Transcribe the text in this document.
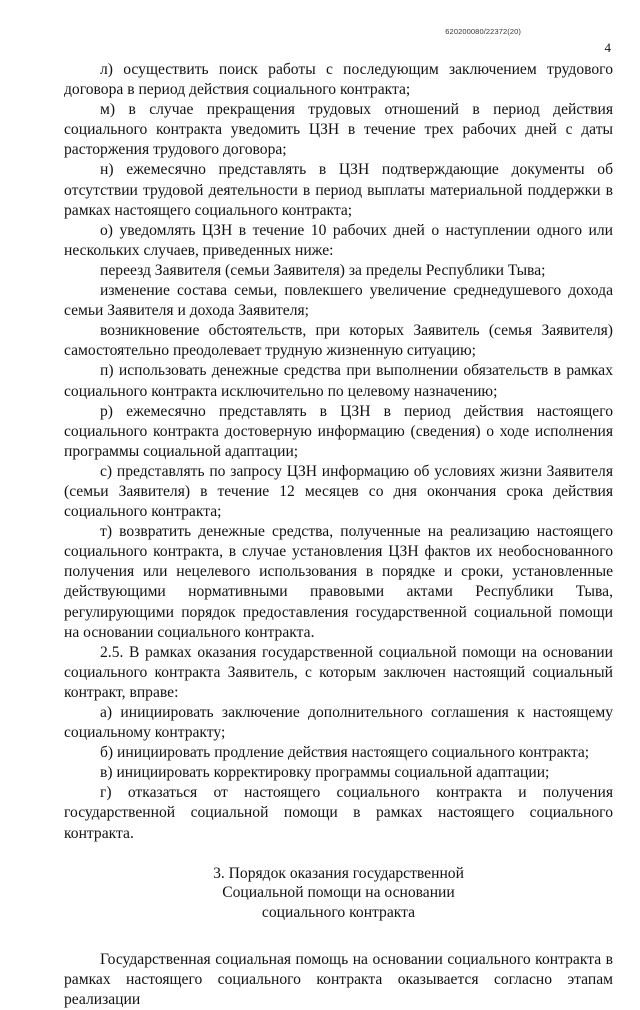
620200080/22372(20)
4

л) осуществить поиск работы с последующим заключением трудового договора в период действия социального контракта;

м) в случае прекращения трудовых отношений в период действия социального контракта уведомить ЦЗН в течение трех рабочих дней с даты расторжения трудового договора;

н) ежемесячно представлять в ЦЗН подтверждающие документы об отсутствии трудовой деятельности в период выплаты материальной поддержки в рамках настоящего социального контракта;

о) уведомлять ЦЗН в течение 10 рабочих дней о наступлении одного или нескольких случаев, приведенных ниже:

переезд Заявителя (семьи Заявителя) за пределы Республики Тыва;

изменение состава семьи, повлекшего увеличение среднедушевого дохода семьи Заявителя и дохода Заявителя;

возникновение обстоятельств, при которых Заявитель (семья Заявителя) самостоятельно преодолевает трудную жизненную ситуацию;

п) использовать денежные средства при выполнении обязательств в рамках социального контракта исключительно по целевому назначению;

р) ежемесячно представлять в ЦЗН в период действия настоящего социального контракта достоверную информацию (сведения) о ходе исполнения программы социальной адаптации;

с) представлять по запросу ЦЗН информацию об условиях жизни Заявителя (семьи Заявителя) в течение 12 месяцев со дня окончания срока действия социального контракта;

т) возвратить денежные средства, полученные на реализацию настоящего социального контракта, в случае установления ЦЗН фактов их необоснованного получения или нецелевого использования в порядке и сроки, установленные действующими нормативными правовыми актами Республики Тыва, регулирующими порядок предоставления государственной социальной помощи на основании социального контракта.

2.5. В рамках оказания государственной социальной помощи на основании социального контракта Заявитель, с которым заключен настоящий социальный контракт, вправе:

а) инициировать заключение дополнительного соглашения к настоящему социальному контракту;

б) инициировать продление действия настоящего социального контракта;

в) инициировать корректировку программы социальной адаптации;

г) отказаться от настоящего социального контракта и получения государственной социальной помощи в рамках настоящего социального контракта.

3. Порядок оказания государственной
Социальной помощи на основании
социального контракта

Государственная социальная помощь на основании социального контракта в рамках настоящего социального контракта оказывается согласно этапам реализации
